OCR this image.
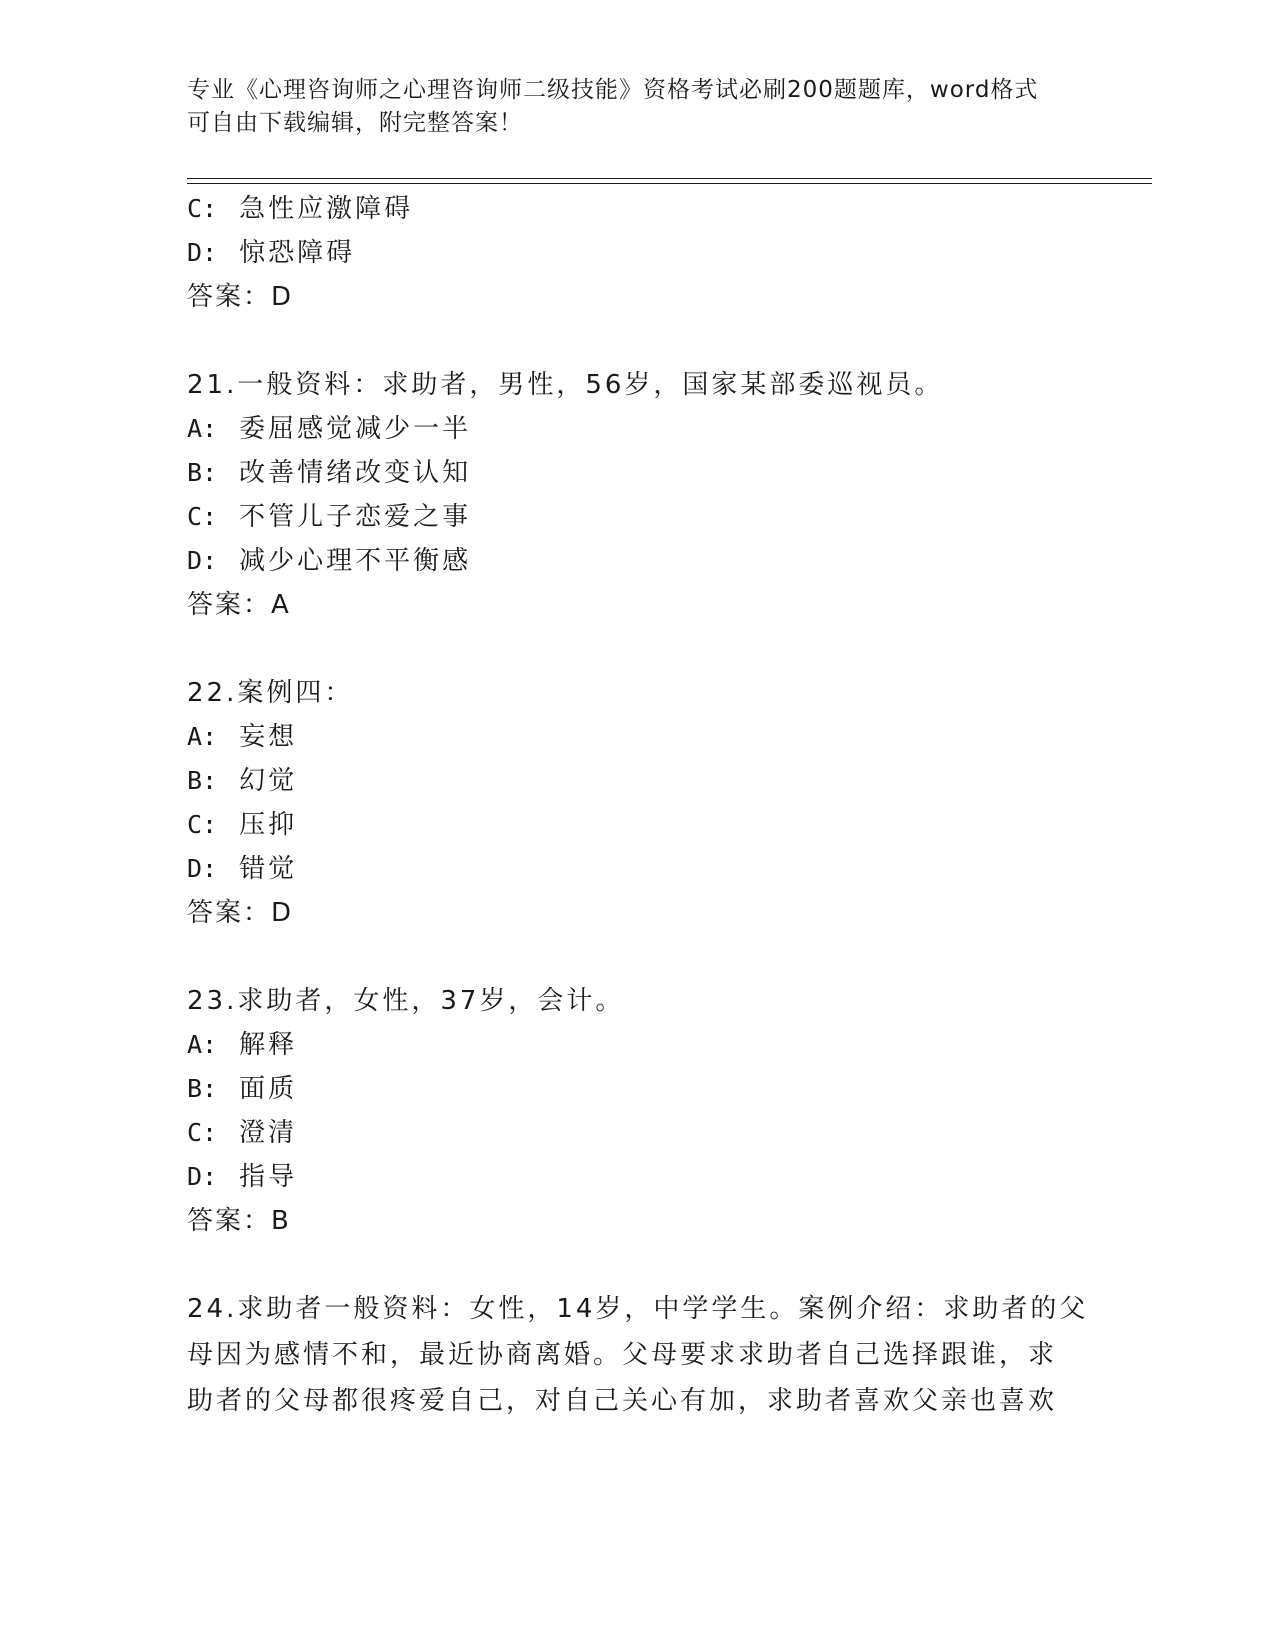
专业《心理咨询师之心理咨询师二级技能》资格考试必刷200题题库，word格式
可自由下载编辑，附完整答案！
C: 急性应激障碍
D: 惊恐障碍
答案：D
21.一般资料：求助者，男性，56岁，国家某部委巡视员。
A: 委屈感觉减少一半
B: 改善情绪改变认知
C: 不管儿子恋爱之事
D: 减少心理不平衡感
答案：A
22.案例四：
A: 妄想
B: 幻觉
C: 压抑
D: 错觉
答案：D
23.求助者，女性，37岁，会计。
A: 解释
B: 面质
C: 澄清
D: 指导
答案：B
24.求助者一般资料：女性，14岁，中学学生。案例介绍：求助者的父
母因为感情不和，最近协商离婚。父母要求求助者自己选择跟谁，求
助者的父母都很疼爱自己，对自己关心有加，求助者喜欢父亲也喜欢
